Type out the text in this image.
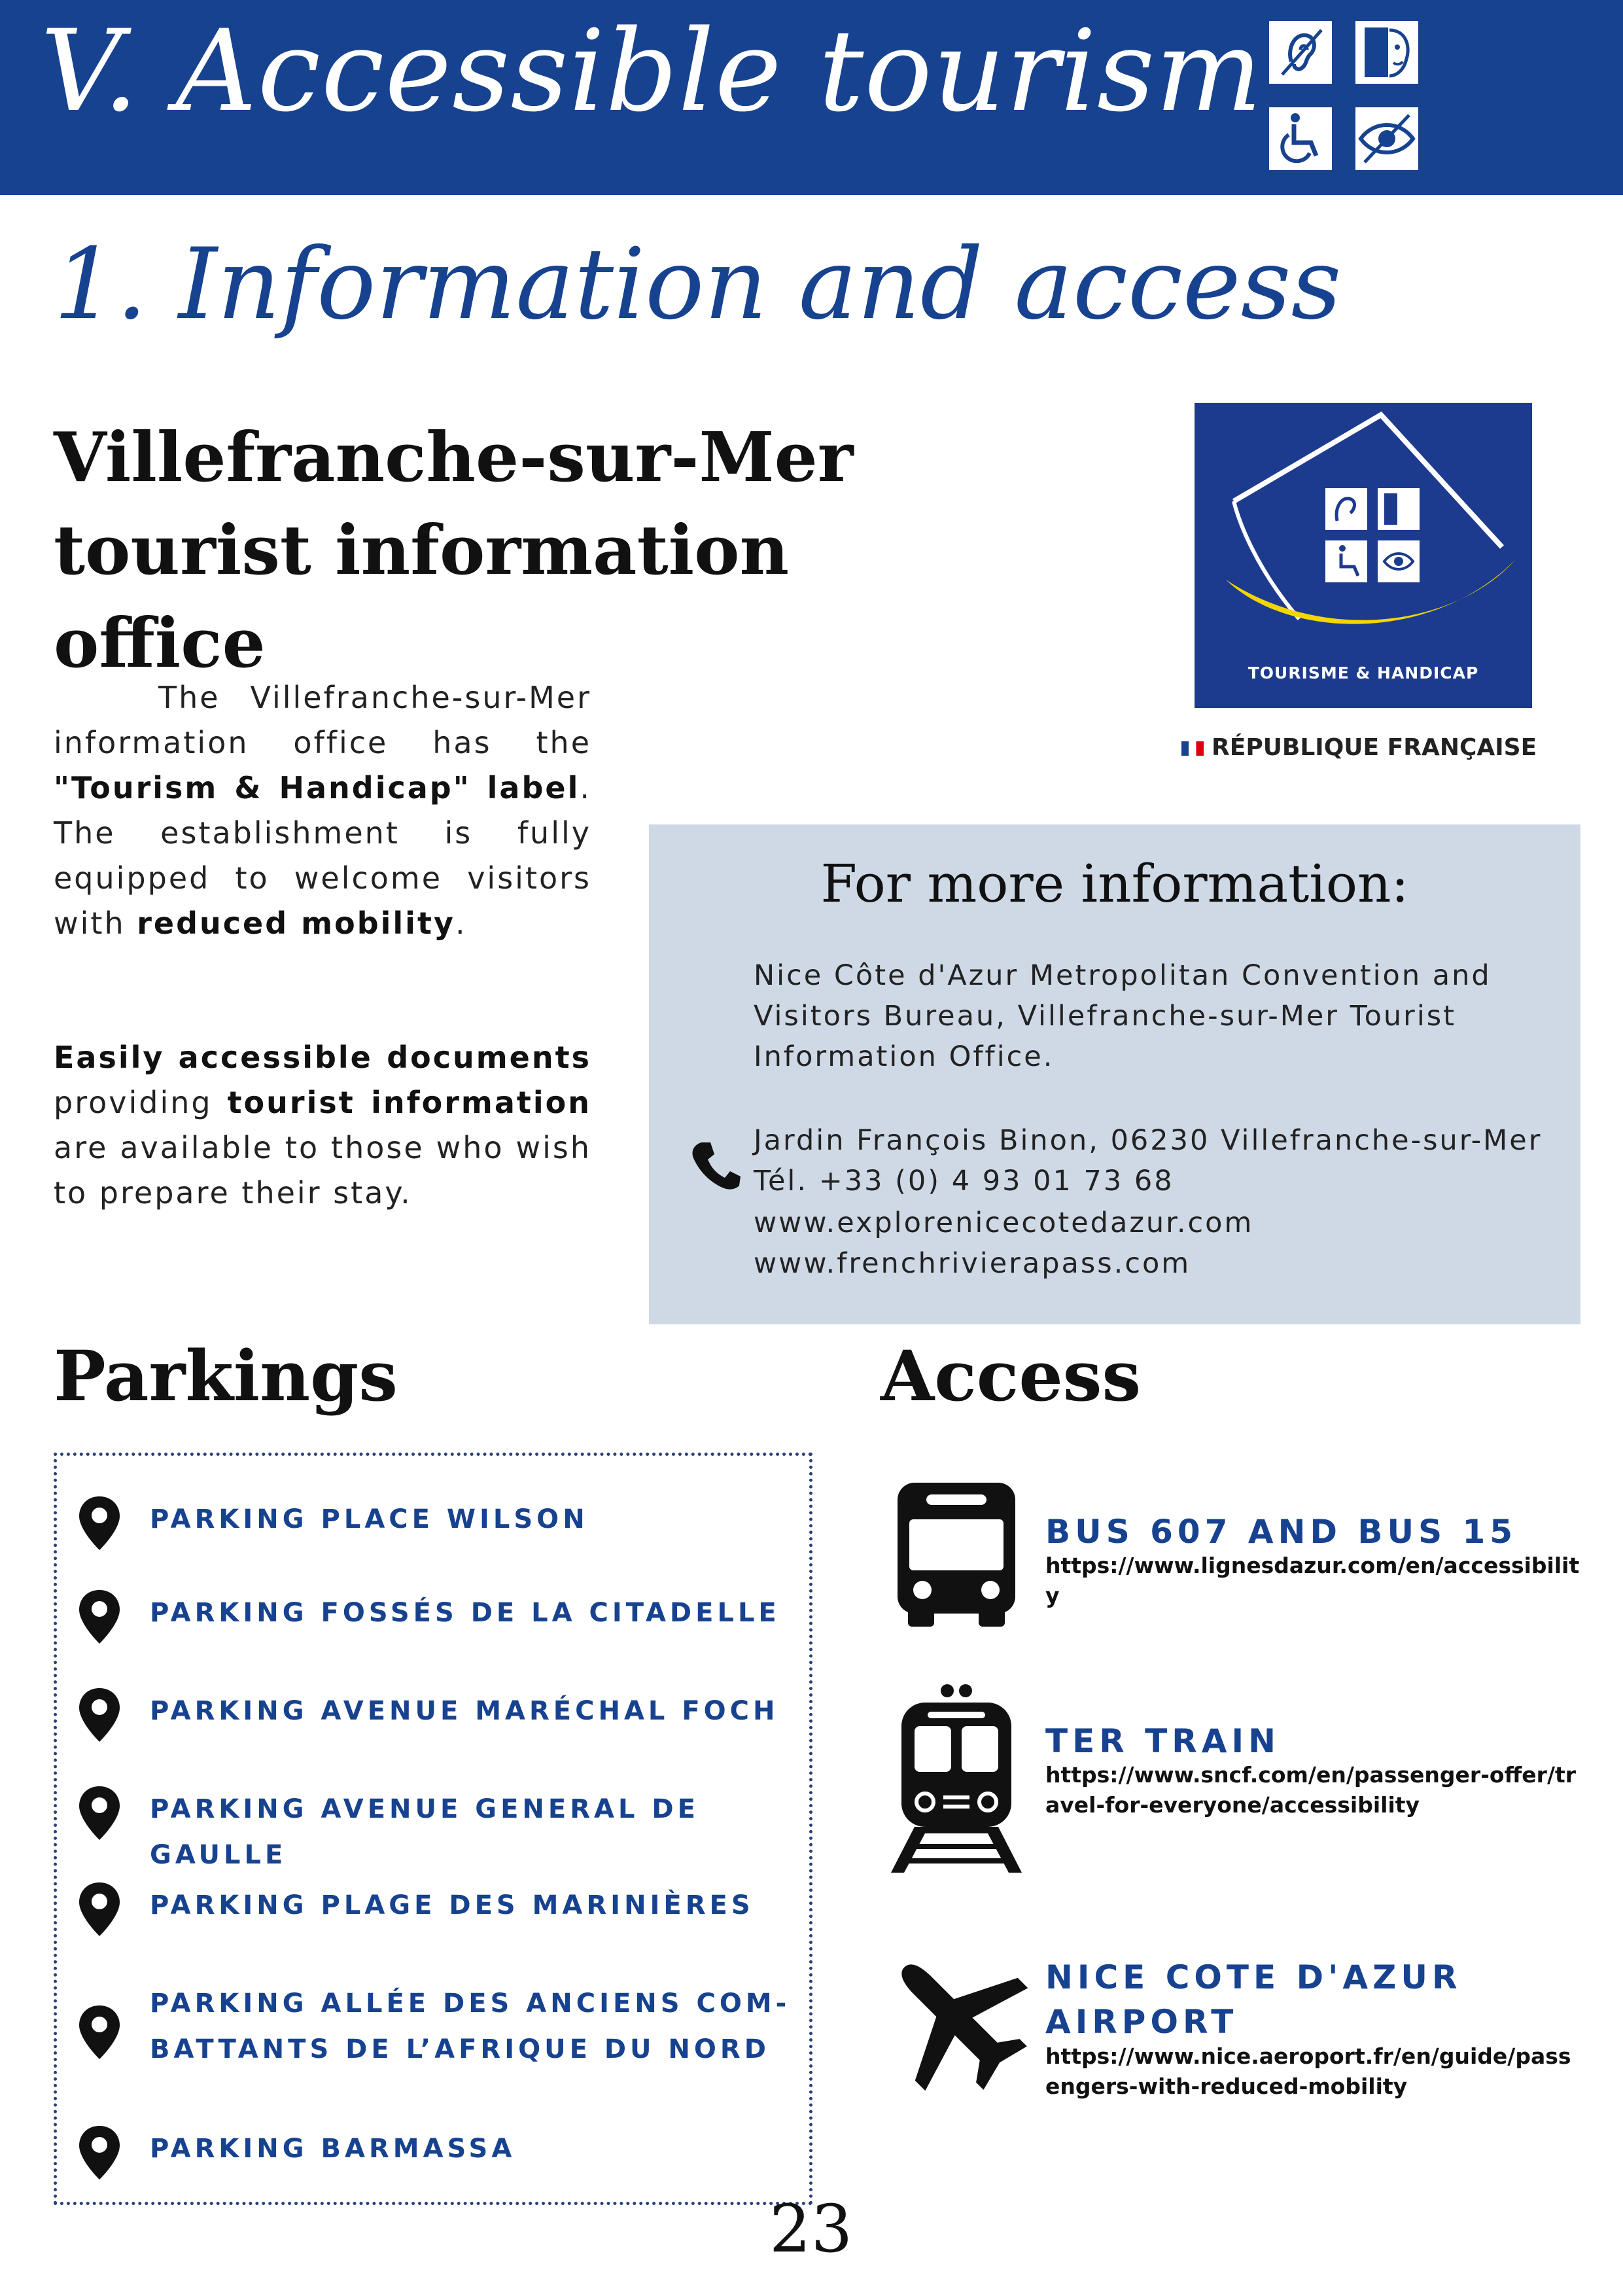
V. Accessible tourism
1. Information and access
Villefranche-sur-Mer
tourist information office
The Villefranche-sur-Mer information office has the "Tourism & Handicap" label. The establishment is fully equipped to welcome visitors with reduced mobility.
Easily accessible documents providing tourist information are available to those who wish to prepare their stay.
TOURISME & HANDICAP
RÉPUBLIQUE FRANÇAISE
For more information:
Nice Côte d'Azur Metropolitan Convention and
Visitors Bureau, Villefranche-sur-Mer Tourist
Information Office.
Jardin François Binon, 06230 Villefranche-sur-Mer
Tél. +33 (0) 4 93 01 73 68
www.explorenicecotedazur.com
www.frenchrivierapass.com
Parkings
PARKING PLACE WILSON
PARKING FOSSÉS DE LA CITADELLE
PARKING AVENUE MARÉCHAL FOCH
PARKING AVENUE GENERAL DE GAULLE
PARKING PLAGE DES MARINIÈRES
PARKING ALLÉE DES ANCIENS COM-
BATTANTS DE L’AFRIQUE DU NORD
PARKING BARMASSA
Access
BUS 607 AND BUS 15
https://www.lignesdazur.com/en/accessibility
TER TRAIN
https://www.sncf.com/en/passenger-offer/travel-for-everyone/accessibility
NICE COTE D'AZUR AIRPORT
https://www.nice.aeroport.fr/en/guide/passengers-with-reduced-mobility
23
